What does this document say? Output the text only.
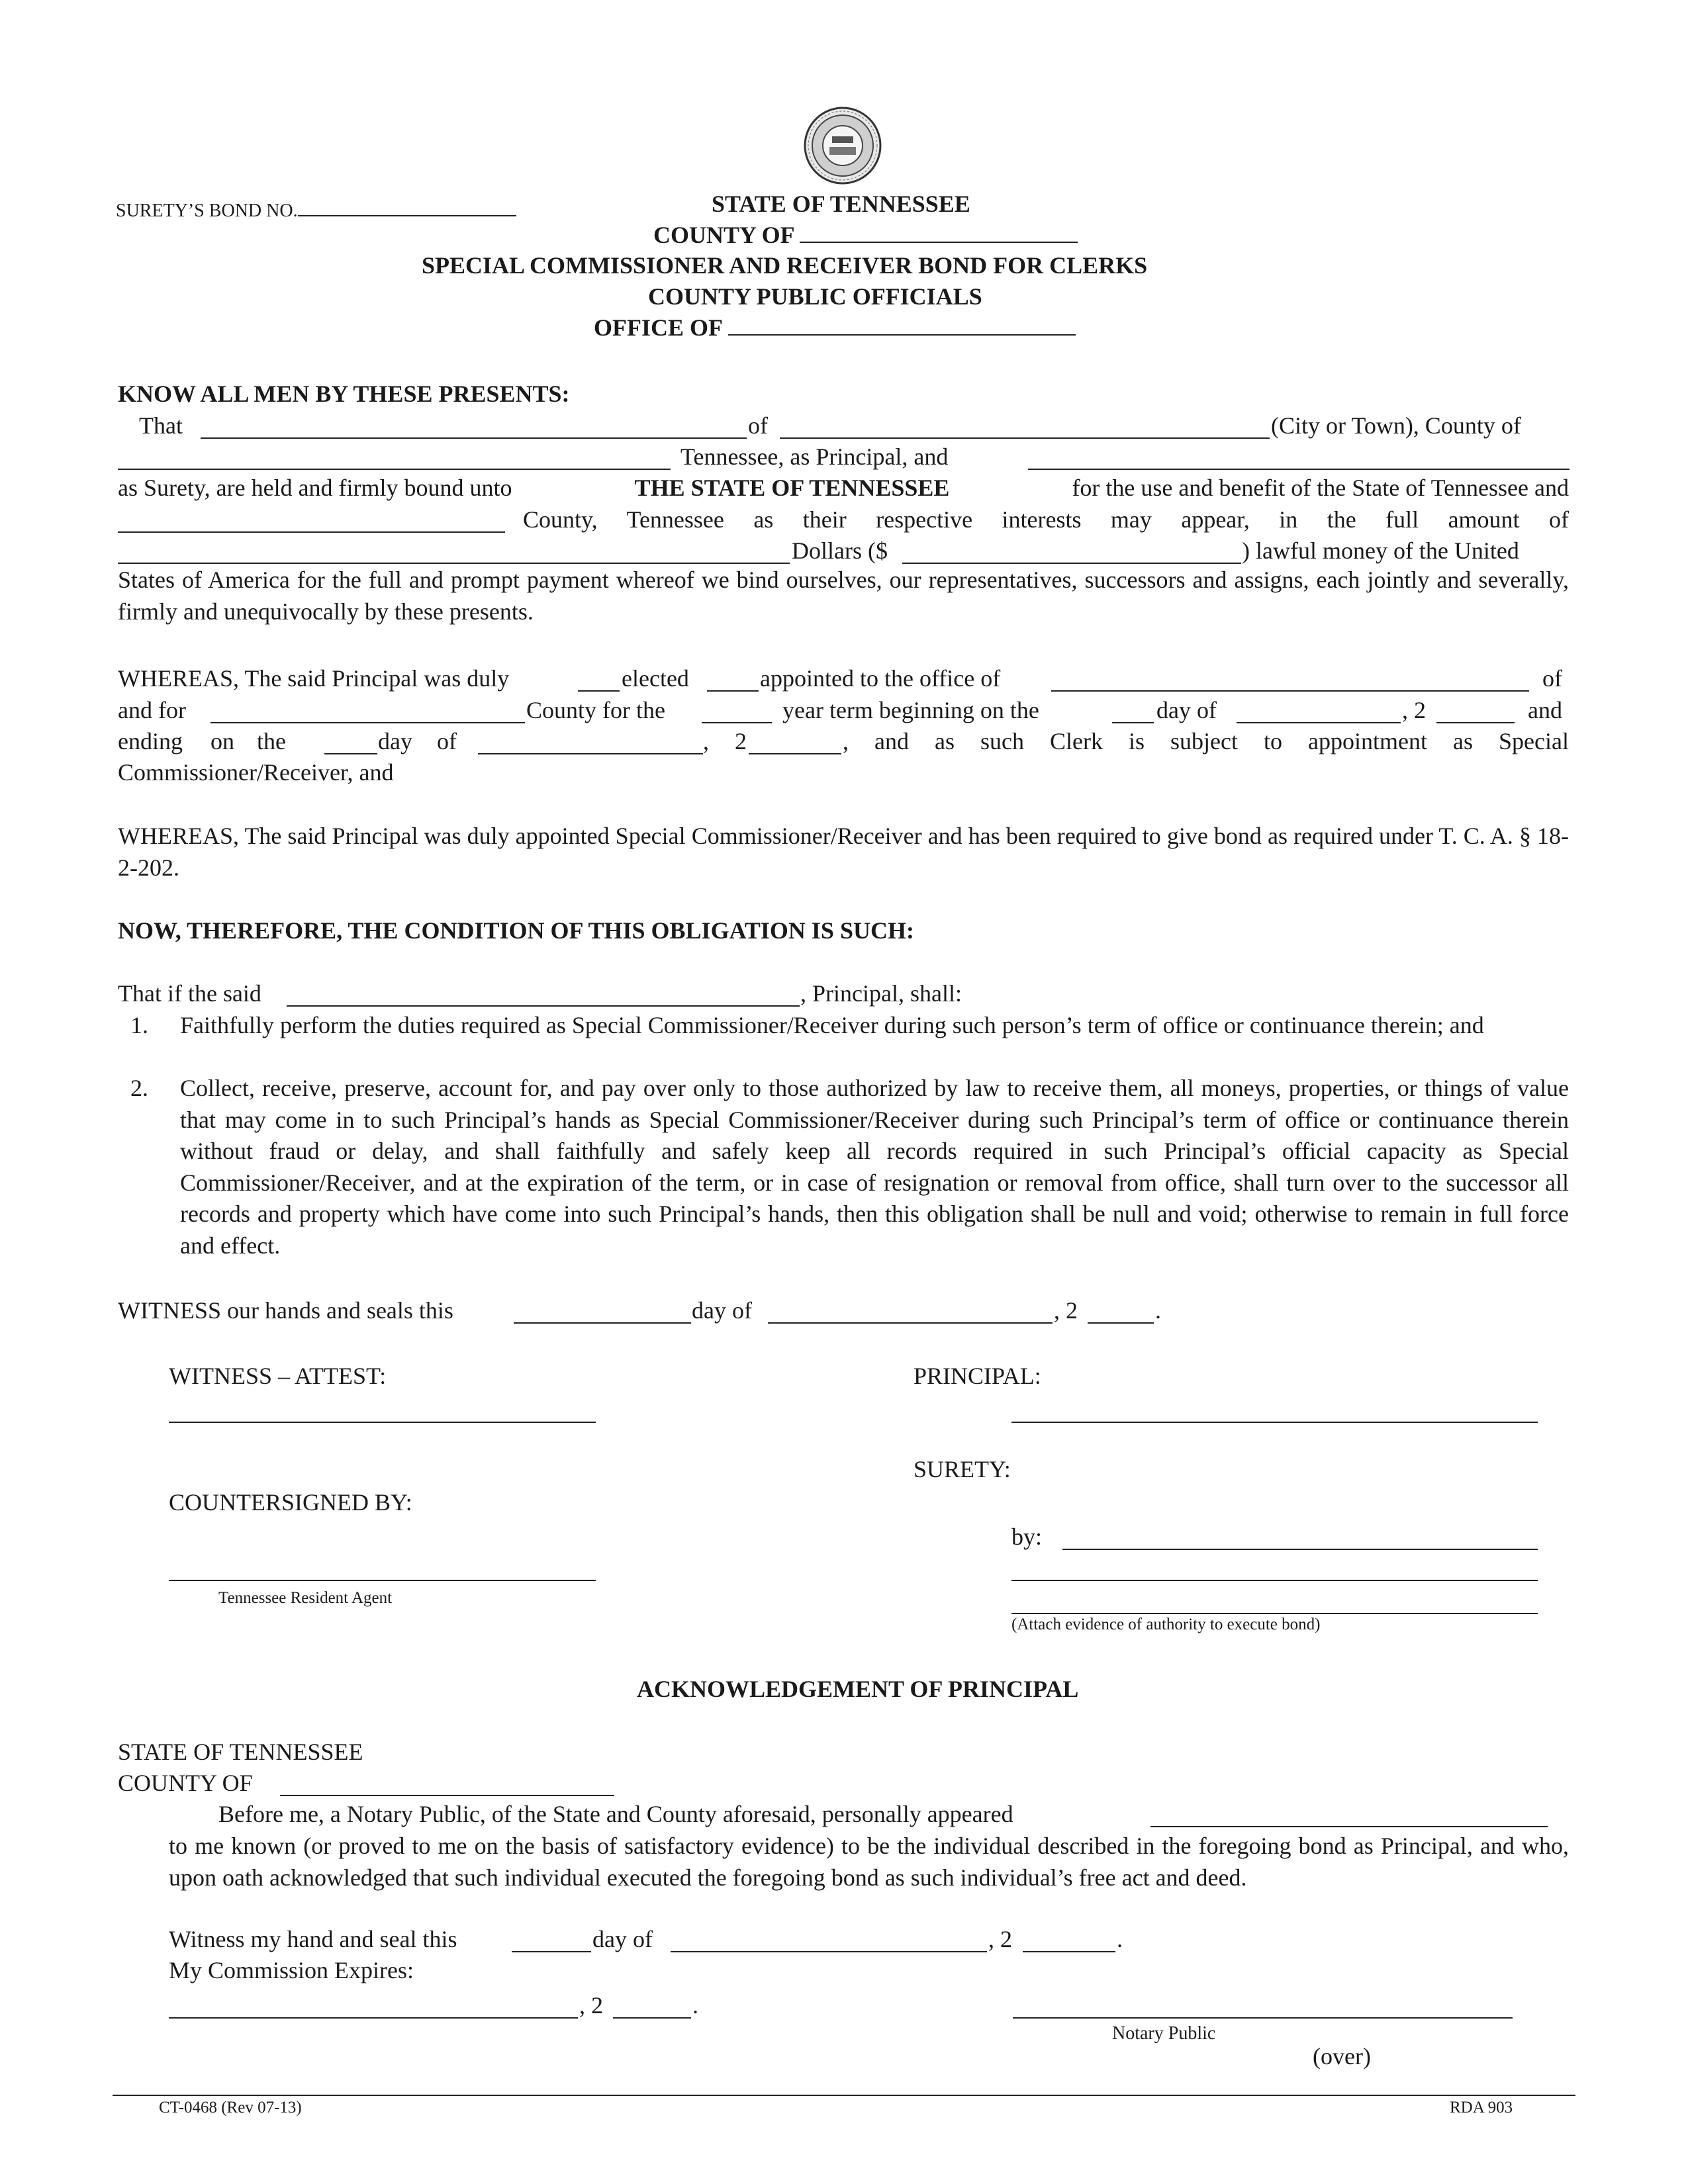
SURETY’S BOND NO.	STATE OF TENNESSEE
COUNTY OF
SPECIAL COMMISSIONER AND RECEIVER BOND FOR CLERKS
COUNTY PUBLIC OFFICIALS
OFFICE OF
KNOW ALL MEN BY THESE PRESENTS:
That	of	(City or Town), County of
Tennessee, as Principal, and
as Surety, are held and firmly bound unto	THE STATE OF TENNESSEE	for the use and benefit of the State of Tennessee and
County, Tennessee as their respective interests may appear, in the full amount of
Dollars ($	) lawful money of the United
States of America for the full and prompt payment whereof we bind ourselves, our representatives, successors and assigns, each jointly and severally, firmly and unequivocally by these presents.
WHEREAS, The said Principal was duly	elected	appointed to the office of	of
and for	County for the	year term beginning on the	day of	, 2	and
ending on the	day of	, 2	, and as such Clerk is subject to appointment as Special
Commissioner/Receiver, and
WHEREAS, The said Principal was duly appointed Special Commissioner/Receiver and has been required to give bond as required under T. C. A. § 18-2-202.
NOW, THEREFORE, THE CONDITION OF THIS OBLIGATION IS SUCH:
That if the said	, Principal, shall:
1. Faithfully perform the duties required as Special Commissioner/Receiver during such person’s term of office or continuance therein; and
2. Collect, receive, preserve, account for, and pay over only to those authorized by law to receive them, all moneys, properties, or things of value that may come in to such Principal’s hands as Special Commissioner/Receiver during such Principal’s term of office or continuance therein without fraud or delay, and shall faithfully and safely keep all records required in such Principal’s official capacity as Special Commissioner/Receiver, and at the expiration of the term, or in case of resignation or removal from office, shall turn over to the successor all records and property which have come into such Principal’s hands, then this obligation shall be null and void; otherwise to remain in full force and effect.
WITNESS our hands and seals this	day of	, 2	.
WITNESS – ATTEST:	PRINCIPAL:
SURETY:
COUNTERSIGNED BY:
by:
Tennessee Resident Agent
(Attach evidence of authority to execute bond)
ACKNOWLEDGEMENT OF PRINCIPAL
STATE OF TENNESSEE
COUNTY OF
Before me, a Notary Public, of the State and County aforesaid, personally appeared
to me known (or proved to me on the basis of satisfactory evidence) to be the individual described in the foregoing bond as Principal, and who, upon oath acknowledged that such individual executed the foregoing bond as such individual’s free act and deed.
Witness my hand and seal this	day of	, 2	.
My Commission Expires:
, 2	.
Notary Public
(over)
CT-0468 (Rev 07-13)	RDA 903
